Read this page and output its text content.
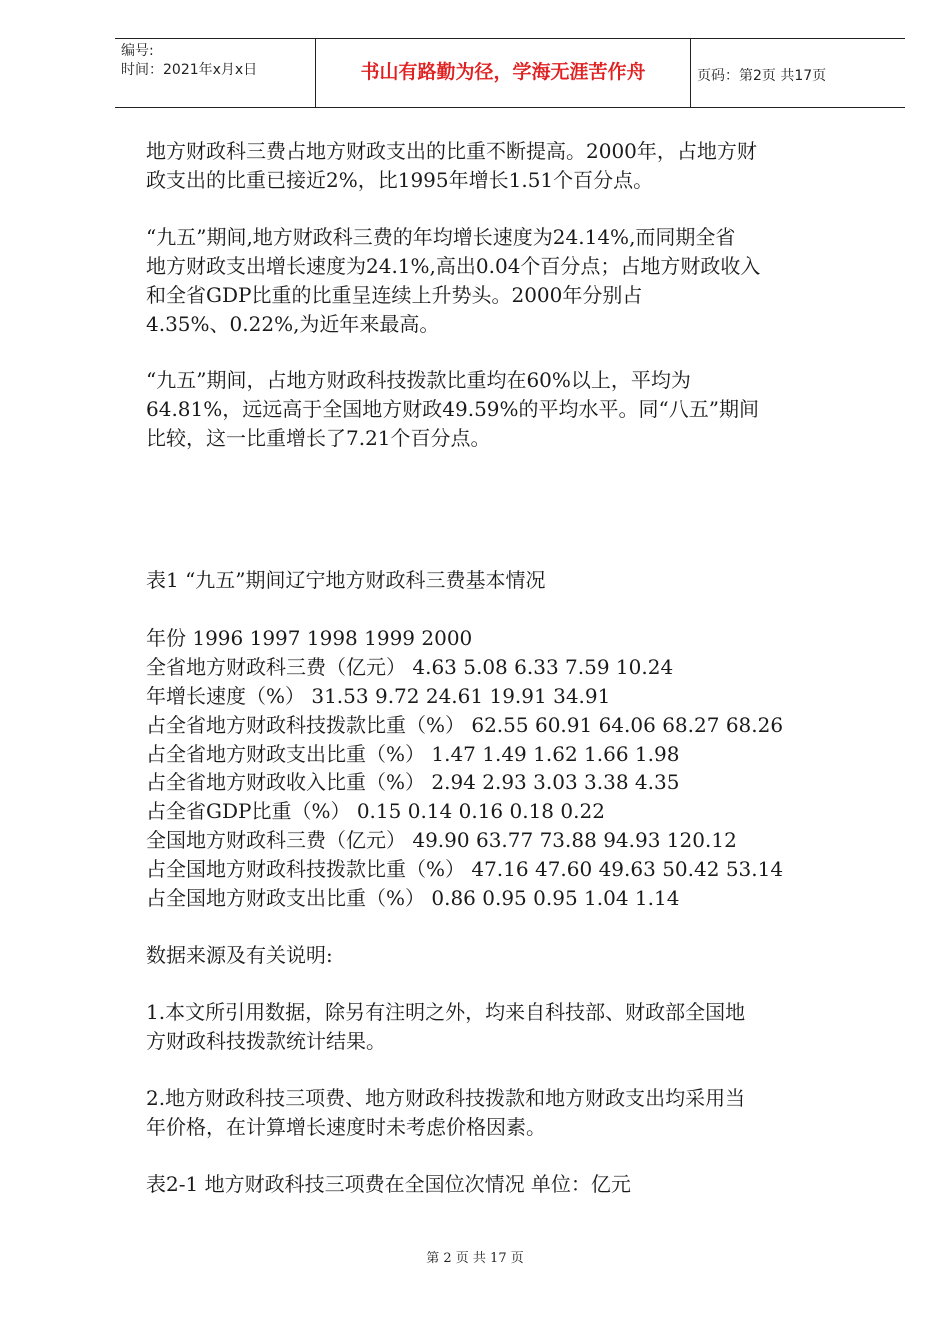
编号:
时间：2021年x月x日	书山有路勤为径，学海无涯苦作舟	页码：第2页 共17页

地方财政科三费占地方财政支出的比重不断提高。2000年，占地方财

政支出的比重已接近2%，比1995年增长1.51个百分点。

“九五”期间,地方财政科三费的年均增长速度为24.14%,而同期全省

地方财政支出增长速度为24.1%,高出0.04个百分点；占地方财政收入

和全省GDP比重的比重呈连续上升势头。2000年分别占

4.35%、0.22%,为近年来最高。

“九五”期间，占地方财政科技拨款比重均在60%以上，平均为

64.81%，远远高于全国地方财政49.59%的平均水平。同“八五”期间

比较，这一比重增长了7.21个百分点。

表1 “九五”期间辽宁地方财政科三费基本情况

年份 1996 1997 1998 1999 2000

全省地方财政科三费（亿元） 4.63 5.08 6.33 7.59 10.24

年增长速度（%） 31.53 9.72 24.61 19.91 34.91

占全省地方财政科技拨款比重（%） 62.55 60.91 64.06 68.27 68.26

占全省地方财政支出比重（%） 1.47 1.49 1.62 1.66 1.98

占全省地方财政收入比重（%） 2.94 2.93 3.03 3.38 4.35

占全省GDP比重（%） 0.15 0.14 0.16 0.18 0.22

全国地方财政科三费（亿元） 49.90 63.77 73.88 94.93 120.12

占全国地方财政科技拨款比重（%） 47.16 47.60 49.63 50.42 53.14

占全国地方财政支出比重（%） 0.86 0.95 0.95 1.04 1.14

数据来源及有关说明:

1.本文所引用数据，除另有注明之外，均来自科技部、财政部全国地

方财政科技拨款统计结果。

2.地方财政科技三项费、地方财政科技拨款和地方财政支出均采用当

年价格，在计算增长速度时未考虑价格因素。

表2-1 地方财政科技三项费在全国位次情况 单位：亿元

第 2 页 共 17 页
